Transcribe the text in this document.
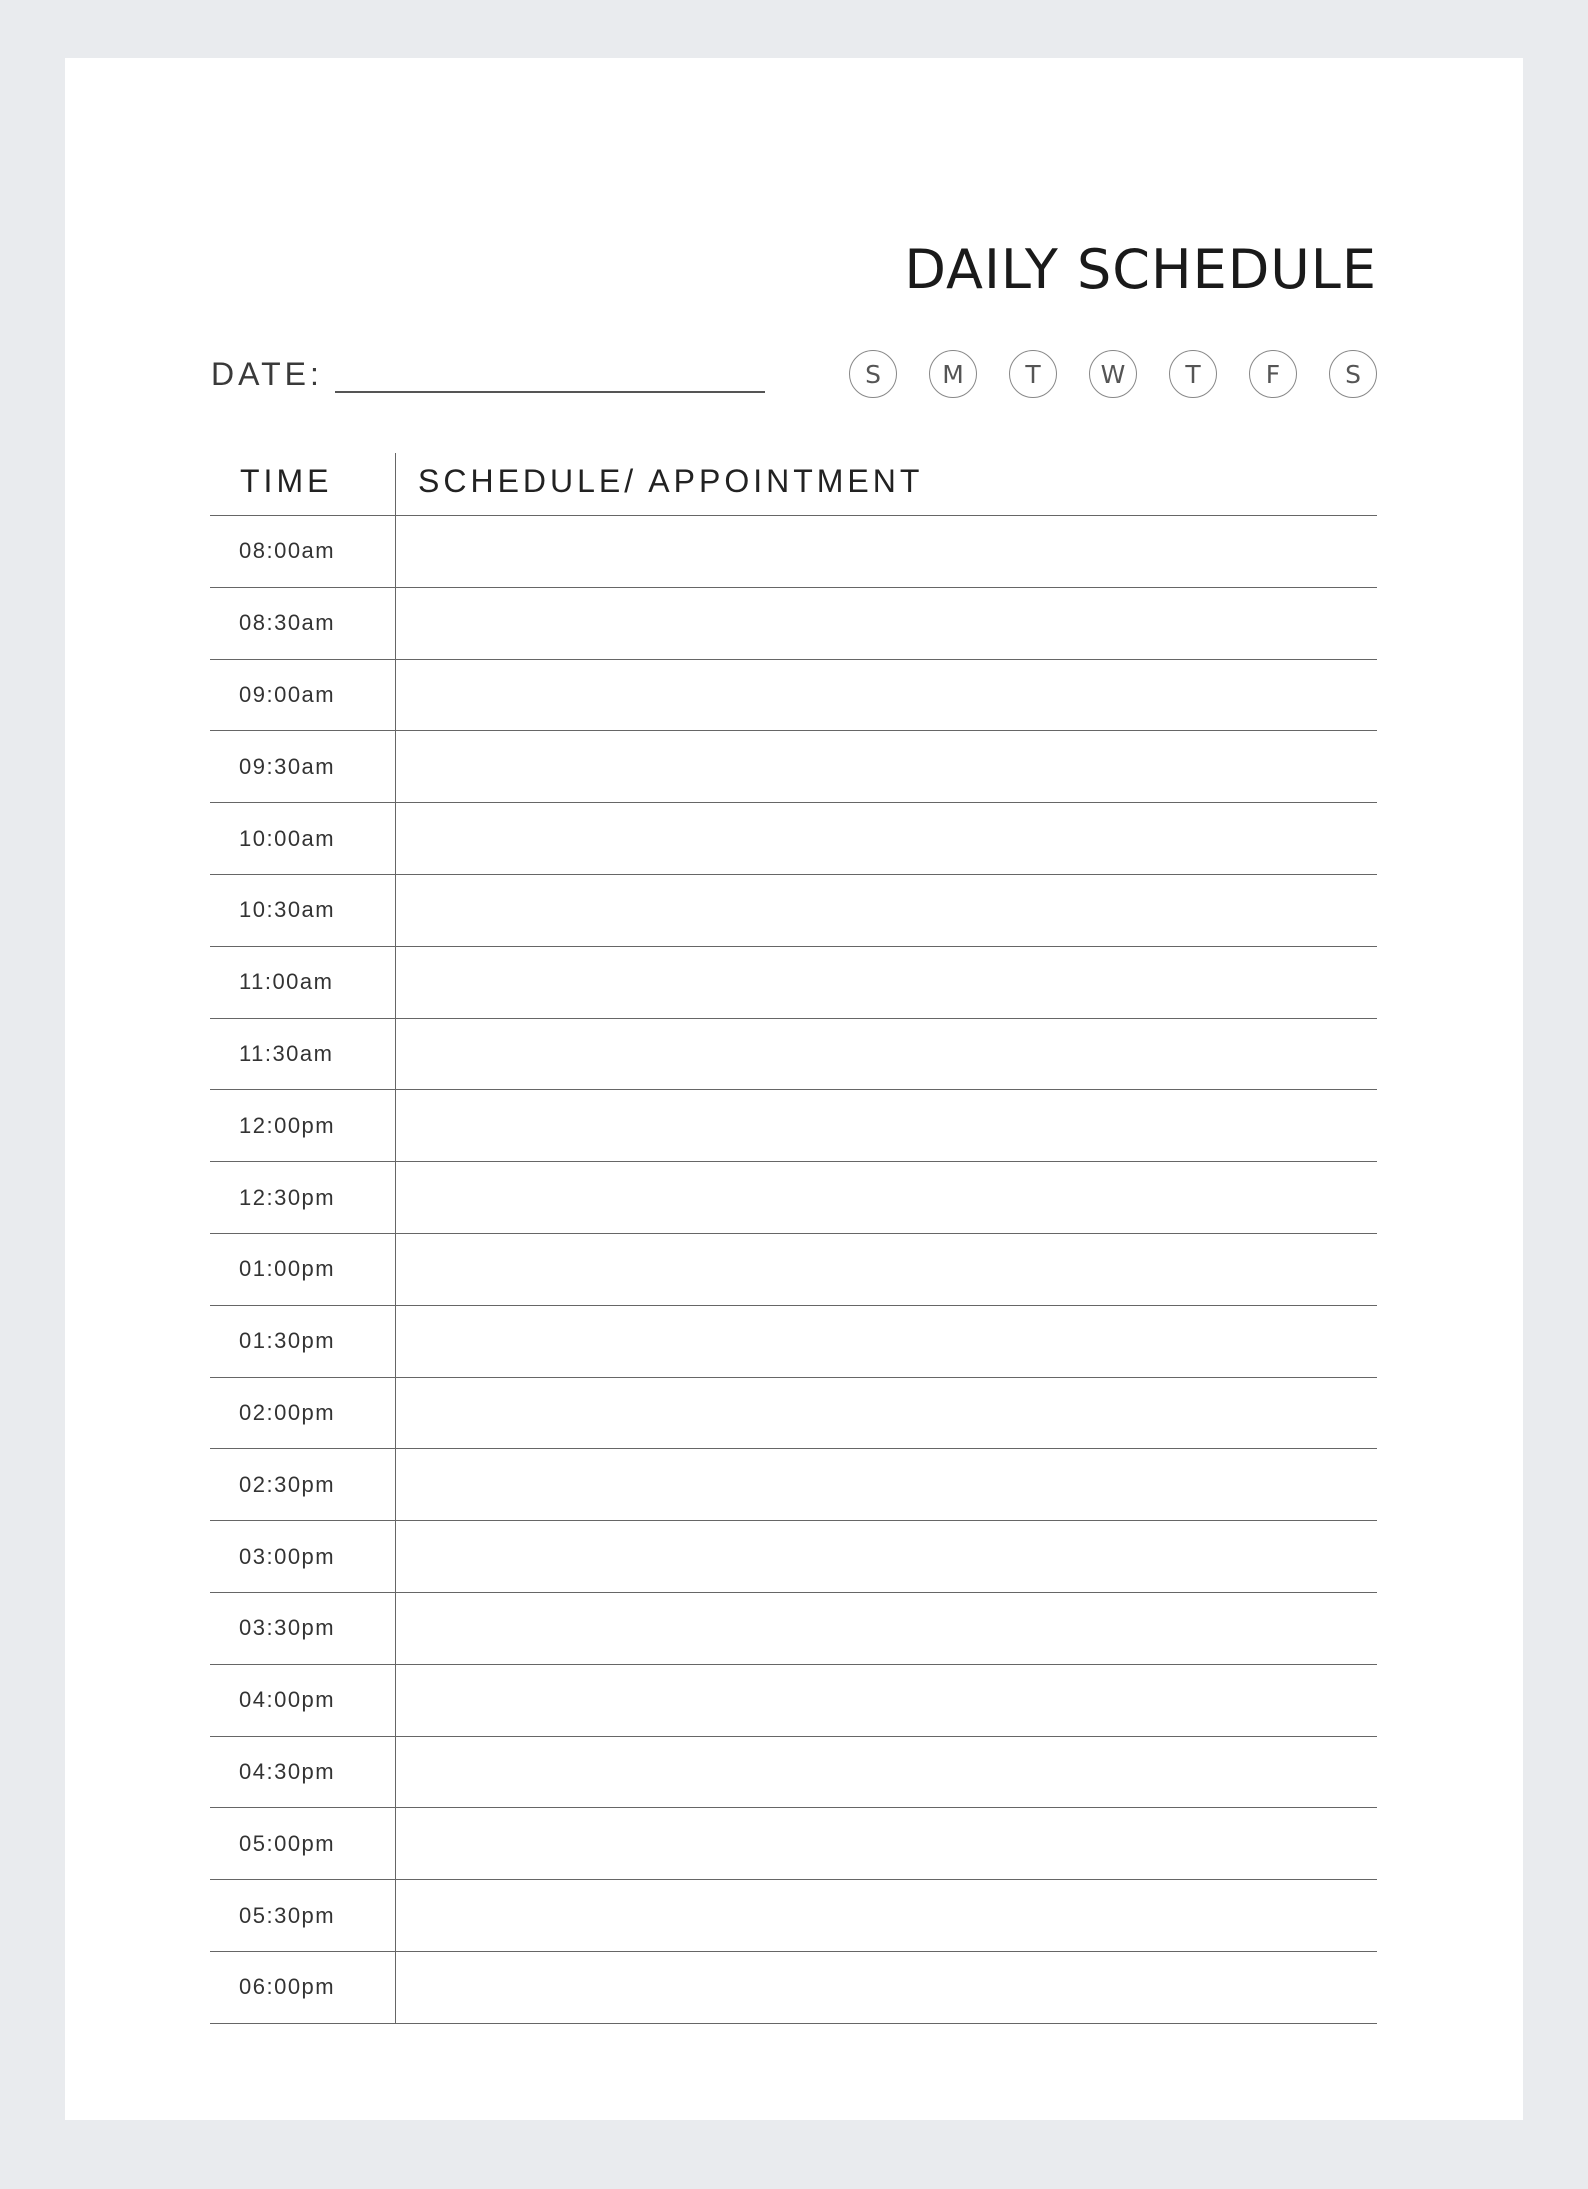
DAILY SCHEDULE
DATE:	S	M	T	W	T	F	S
TIME	SCHEDULE/ APPOINTMENT
08:00am
08:30am
09:00am
09:30am
10:00am
10:30am
11:00am
11:30am
12:00pm
12:30pm
01:00pm
01:30pm
02:00pm
02:30pm
03:00pm
03:30pm
04:00pm
04:30pm
05:00pm
05:30pm
06:00pm
